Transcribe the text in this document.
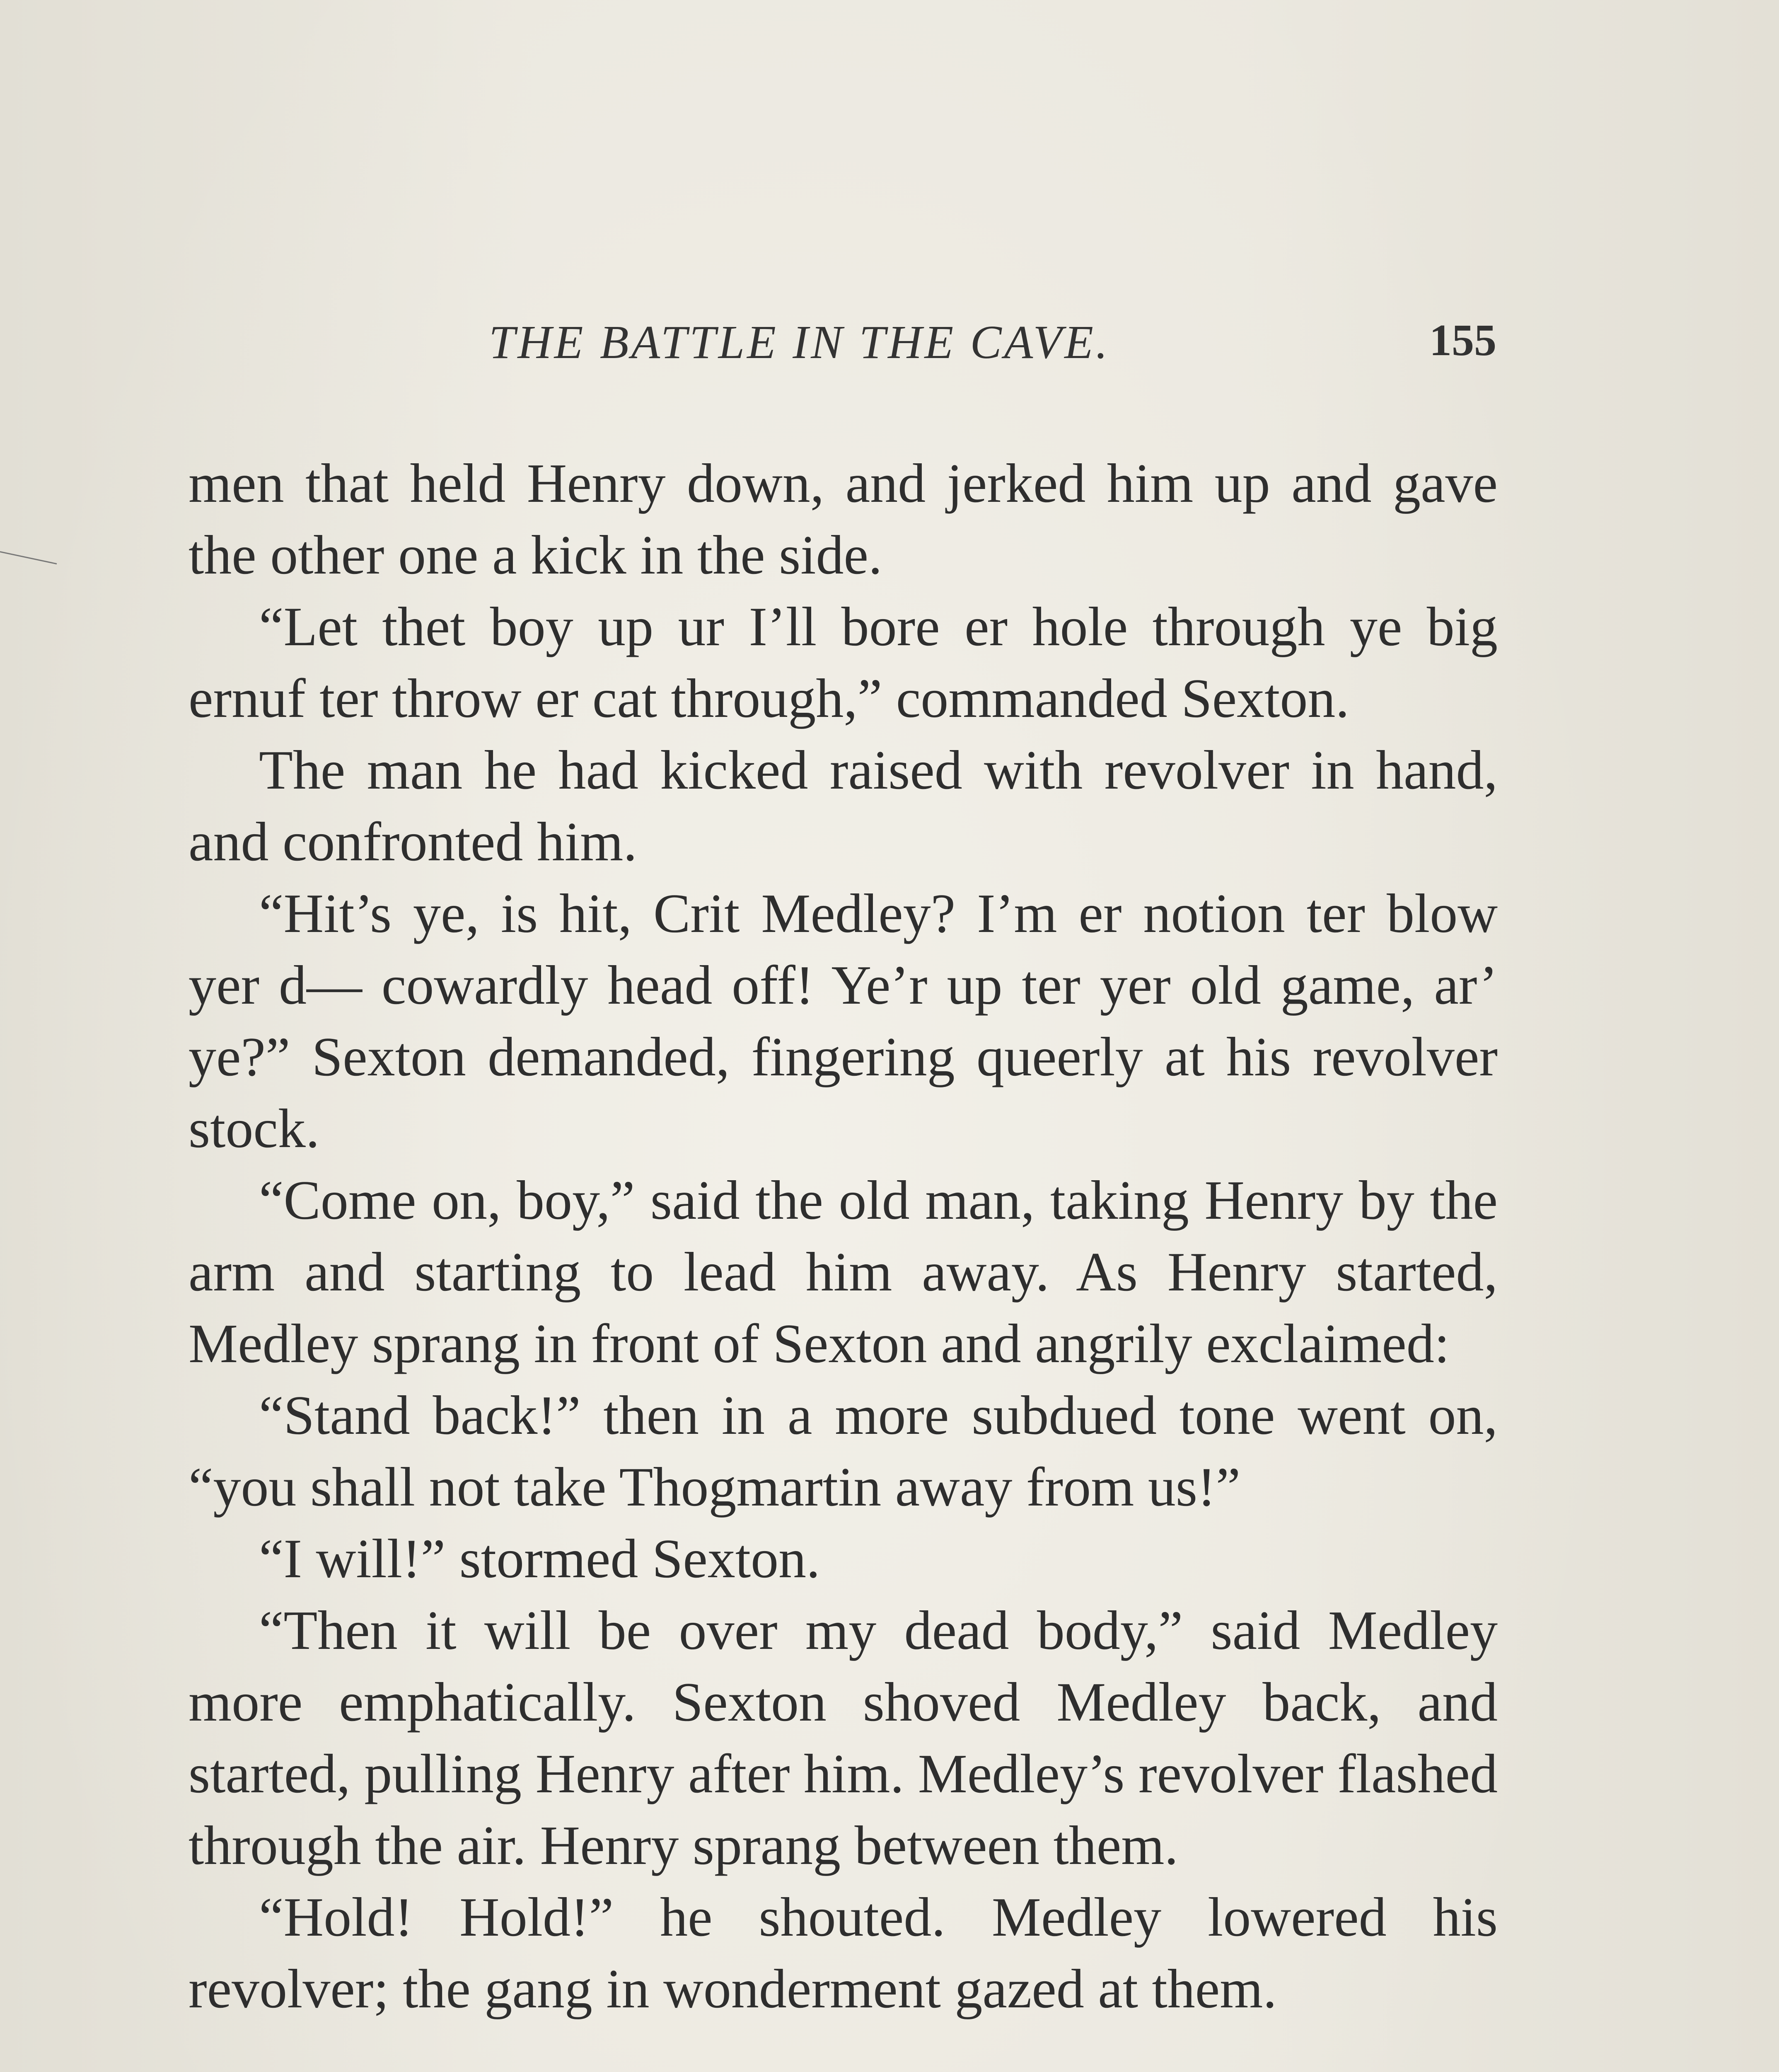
THE BATTLE IN THE CAVE.	155

men that held Henry down, and jerked him up and gave the other one a kick in the side.

“Let thet boy up ur I’ll bore er hole through ye big ernuf ter throw er cat through,” commanded Sexton.

The man he had kicked raised with revolver in hand, and confronted him.

“Hit’s ye, is hit, Crit Medley? I’m er notion ter blow yer d— cowardly head off! Ye’r up ter yer old game, ar’ ye?” Sexton demanded, fingering queerly at his revolver stock.

“Come on, boy,” said the old man, taking Henry by the arm and starting to lead him away. As Henry started, Medley sprang in front of Sexton and angrily exclaimed:

“Stand back!” then in a more subdued tone went on, “you shall not take Thogmartin away from us!”

“I will!” stormed Sexton.

“Then it will be over my dead body,” said Medley more emphatically. Sexton shoved Medley back, and started, pulling Henry after him. Medley’s revolver flashed through the air. Henry sprang between them.

“Hold! Hold!” he shouted. Medley lowered his revolver; the gang in wonderment gazed at them.
